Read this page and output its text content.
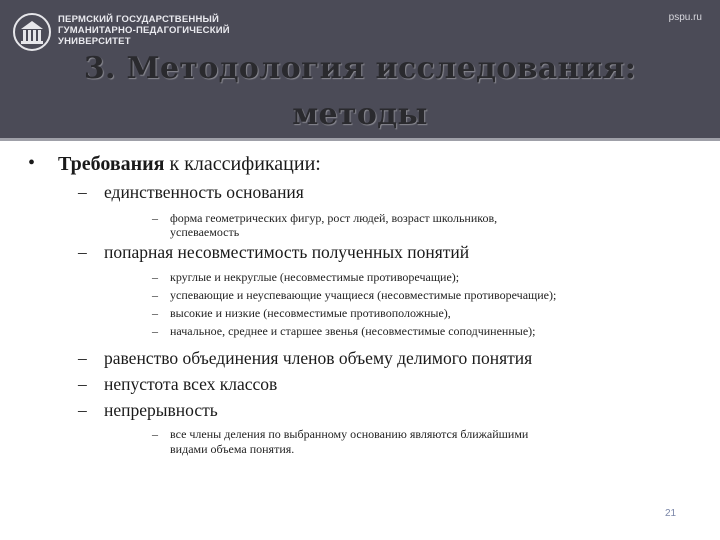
ПЕРМСКИЙ ГОСУДАРСТВЕННЫЙ
ГУМАНИТАРНО-ПЕДАГОГИЧЕСКИЙ
УНИВЕРСИТЕТ
pspu.ru
3. Методология исследования:
методы
• Требования к классификации:
– единственность основания
– форма геометрических фигур, рост людей, возраст школьников,
успеваемость
– попарная несовместимость полученных понятий
– круглые и некруглые (несовместимые противоречащие);
– успевающие и неуспевающие учащиеся (несовместимые противоречащие);
– высокие и низкие (несовместимые противоположные),
– начальное, среднее и старшее звенья (несовместимые соподчиненные);
– равенство объединения членов объему делимого понятия
– непустота всех классов
– непрерывность
– все члены деления по выбранному основанию являются ближайшими
видами объема понятия.
21
